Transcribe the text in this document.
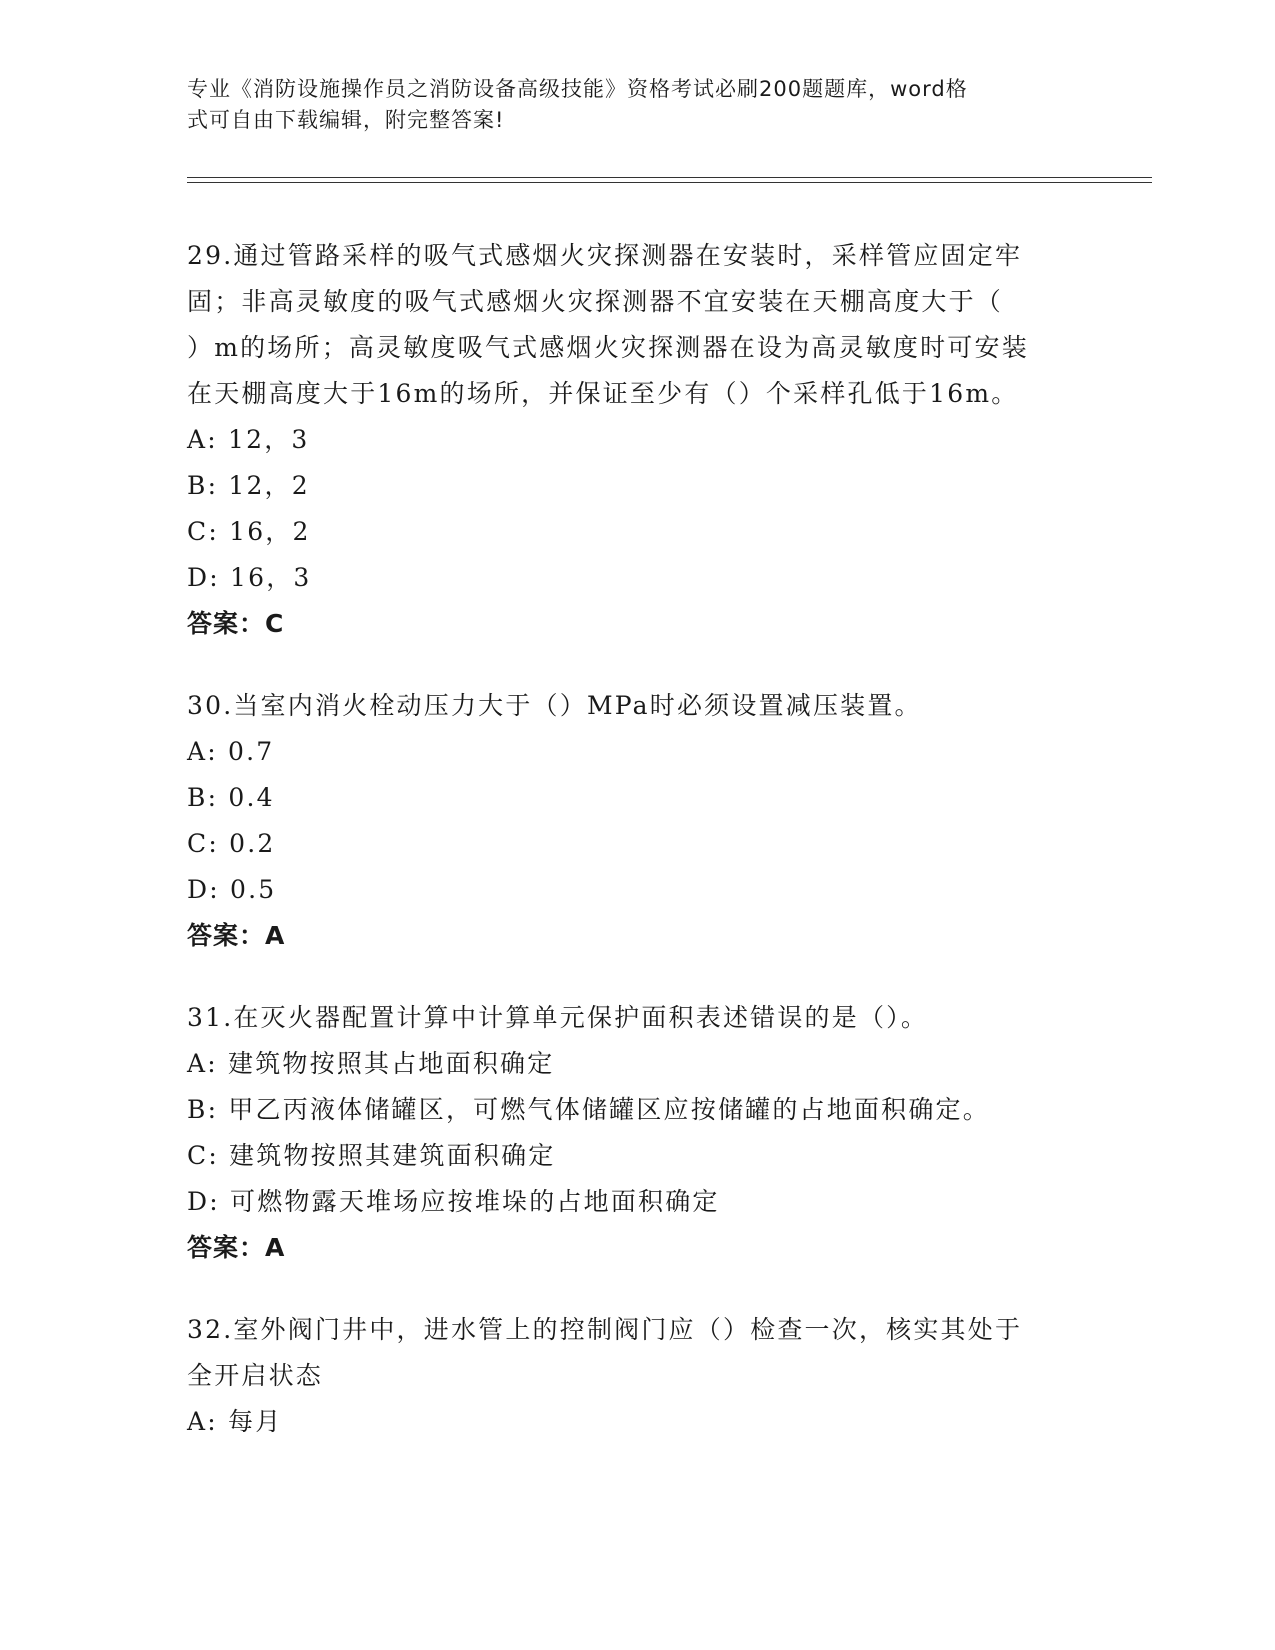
专业《消防设施操作员之消防设备高级技能》资格考试必刷200题题库，word格
式可自由下载编辑，附完整答案!
29.通过管路采样的吸气式感烟火灾探测器在安装时，采样管应固定牢
固；非高灵敏度的吸气式感烟火灾探测器不宜安装在天棚高度大于（
）m的场所；高灵敏度吸气式感烟火灾探测器在设为高灵敏度时可安装
在天棚高度大于16m的场所，并保证至少有（）个采样孔低于16m。
A: 12，3
B: 12，2
C: 16，2
D: 16，3
答案：C
30.当室内消火栓动压力大于（）MPa时必须设置减压装置。
A: 0.7
B: 0.4
C: 0.2
D: 0.5
答案：A
31.在灭火器配置计算中计算单元保护面积表述错误的是（）。
A: 建筑物按照其占地面积确定
B: 甲乙丙液体储罐区，可燃气体储罐区应按储罐的占地面积确定。
C: 建筑物按照其建筑面积确定
D: 可燃物露天堆场应按堆垛的占地面积确定
答案：A
32.室外阀门井中，进水管上的控制阀门应（）检查一次，核实其处于
全开启状态
A: 每月
